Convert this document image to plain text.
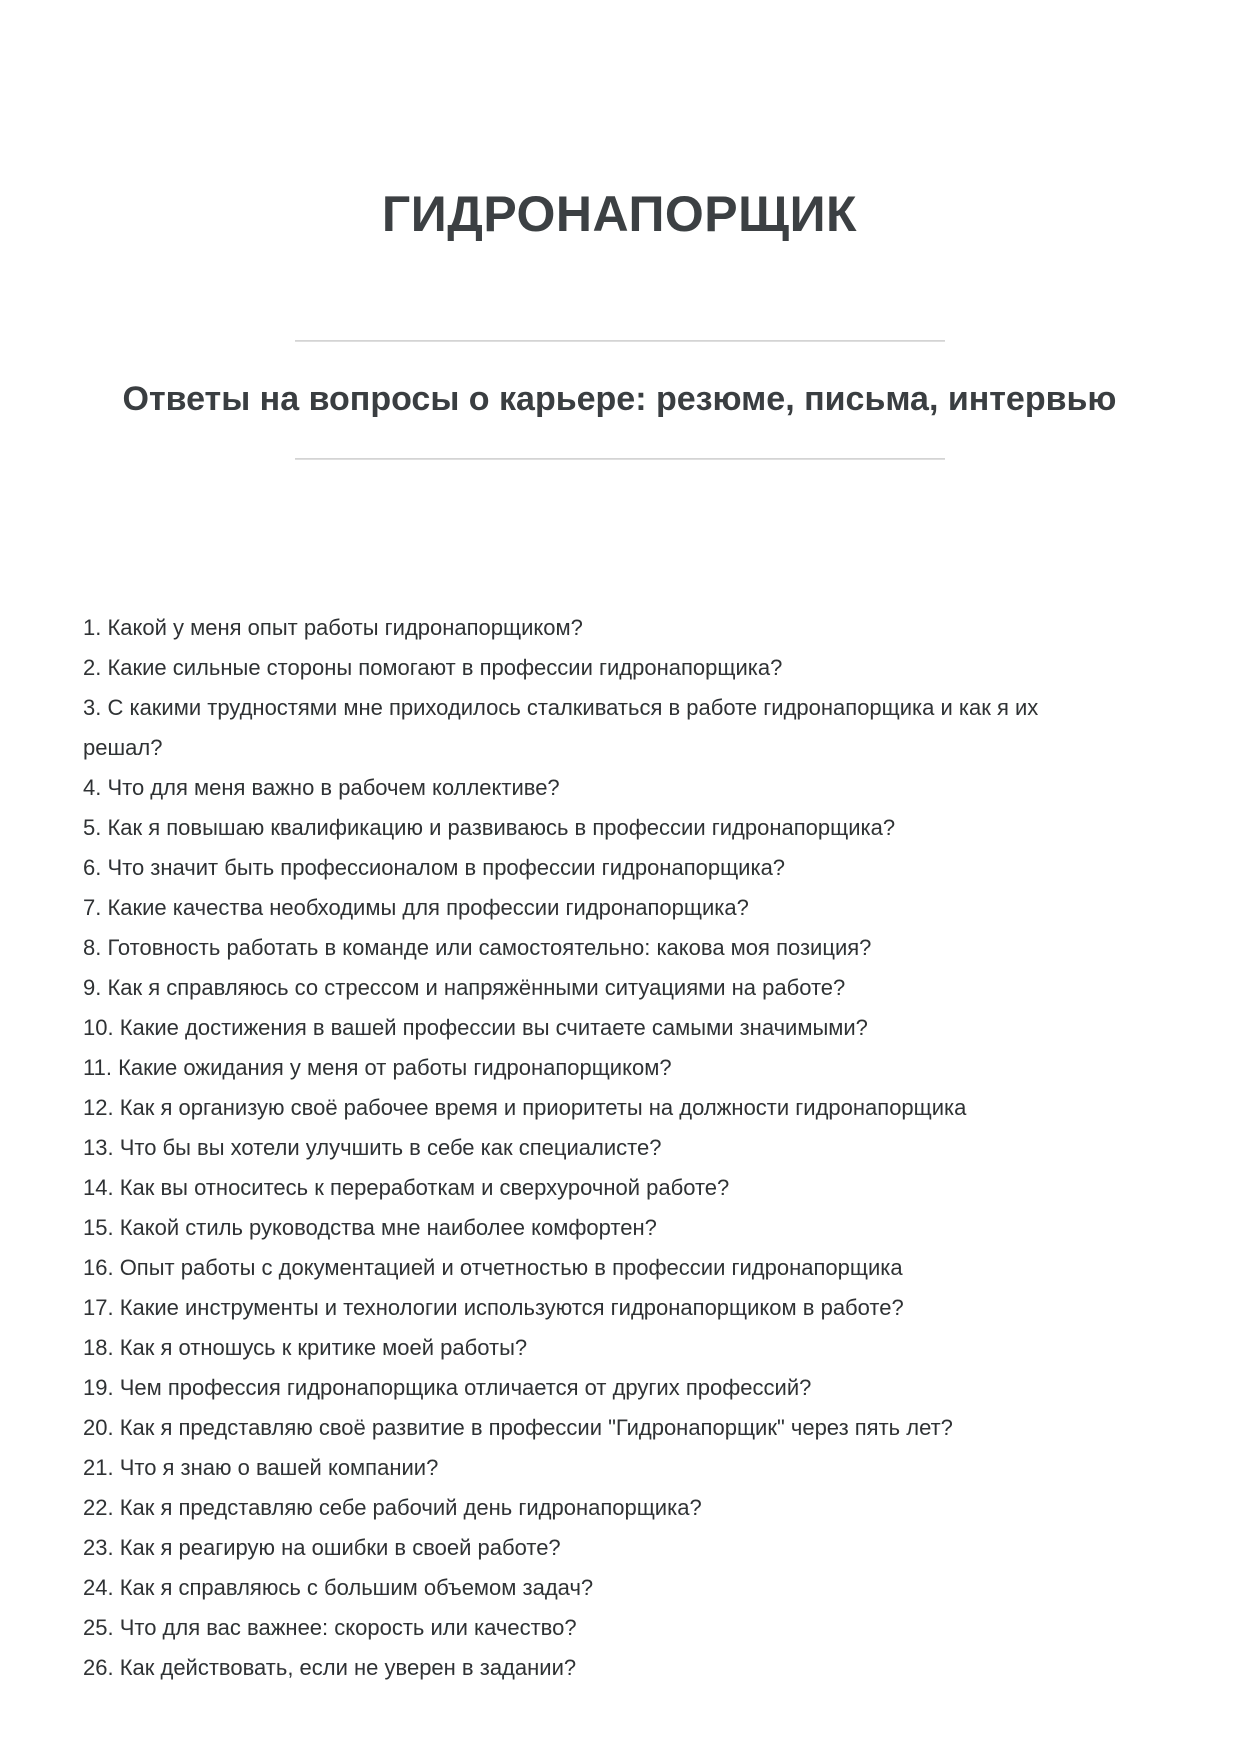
ГИДРОНАПОРЩИК
Ответы на вопросы о карьере: резюме, письма, интервью
1. Какой у меня опыт работы гидронапорщиком?
2. Какие сильные стороны помогают в профессии гидронапорщика?
3. С какими трудностями мне приходилось сталкиваться в работе гидронапорщика и как я их решал?
4. Что для меня важно в рабочем коллективе?
5. Как я повышаю квалификацию и развиваюсь в профессии гидронапорщика?
6. Что значит быть профессионалом в профессии гидронапорщика?
7. Какие качества необходимы для профессии гидронапорщика?
8. Готовность работать в команде или самостоятельно: какова моя позиция?
9. Как я справляюсь со стрессом и напряжёнными ситуациями на работе?
10. Какие достижения в вашей профессии вы считаете самыми значимыми?
11. Какие ожидания у меня от работы гидронапорщиком?
12. Как я организую своё рабочее время и приоритеты на должности гидронапорщика
13. Что бы вы хотели улучшить в себе как специалисте?
14. Как вы относитесь к переработкам и сверхурочной работе?
15. Какой стиль руководства мне наиболее комфортен?
16. Опыт работы с документацией и отчетностью в профессии гидронапорщика
17. Какие инструменты и технологии используются гидронапорщиком в работе?
18. Как я отношусь к критике моей работы?
19. Чем профессия гидронапорщика отличается от других профессий?
20. Как я представляю своё развитие в профессии "Гидронапорщик" через пять лет?
21. Что я знаю о вашей компании?
22. Как я представляю себе рабочий день гидронапорщика?
23. Как я реагирую на ошибки в своей работе?
24. Как я справляюсь с большим объемом задач?
25. Что для вас важнее: скорость или качество?
26. Как действовать, если не уверен в задании?
